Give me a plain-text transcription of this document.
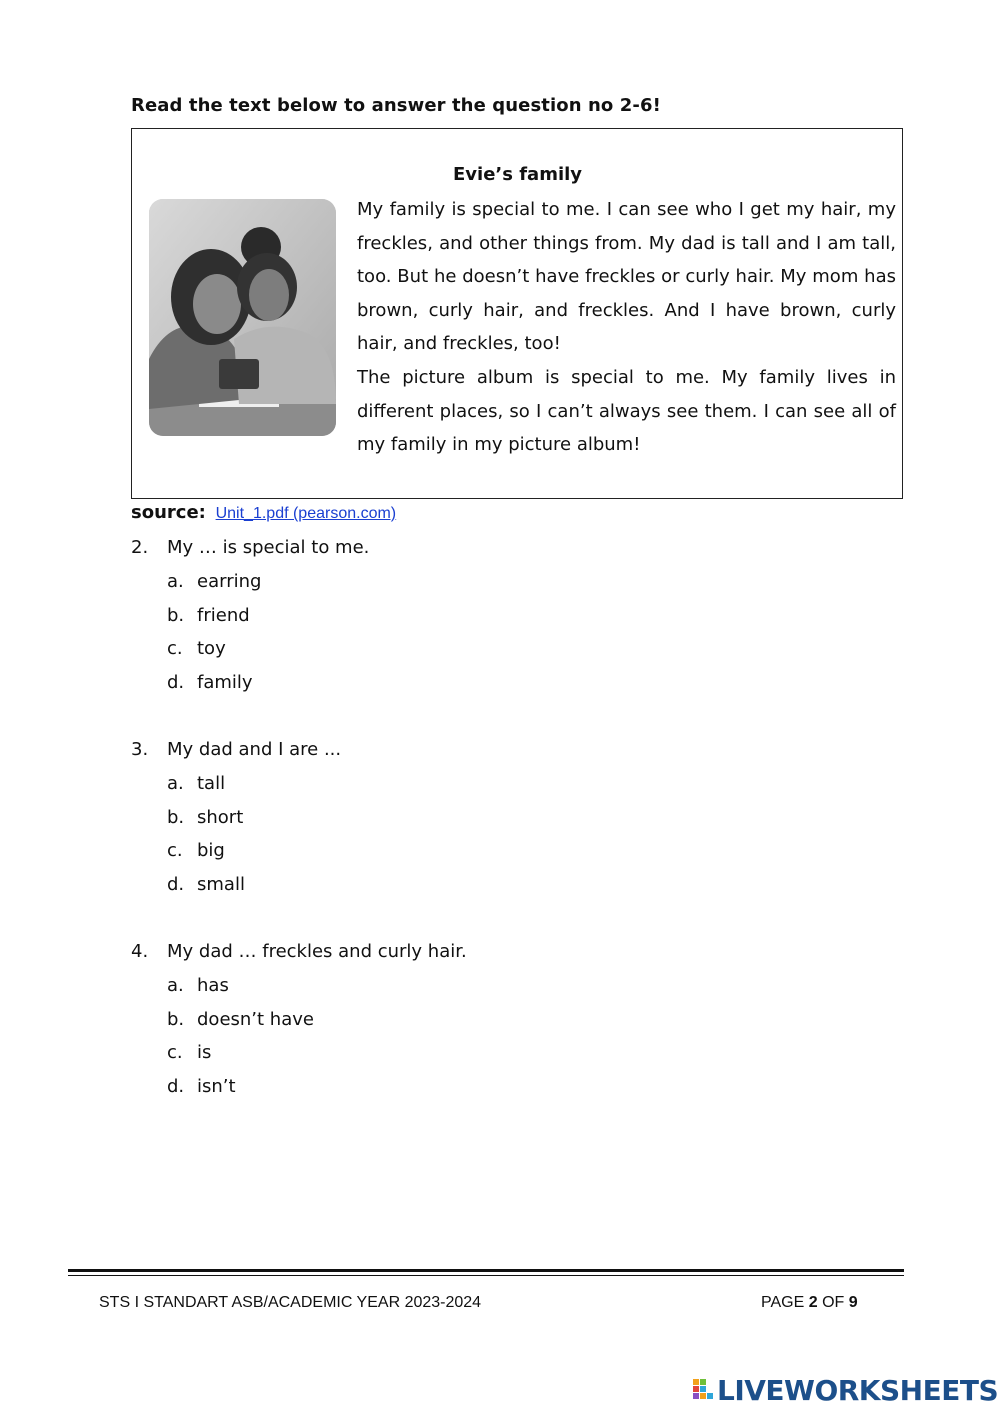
Read the text below to answer the question no 2-6!
Evie’s family

My family is special to me. I can see who I get my hair, my freckles, and other things from. My dad is tall and I am tall, too. But he doesn’t have freckles or curly hair. My mom has brown, curly hair, and freckles. And I have brown, curly hair, and freckles, too!

The picture album is special to me. My family lives in different places, so I can’t always see them. I can see all of my family in my picture album!

source: Unit_1.pdf (pearson.com)
2. My … is special to me.
a. earring
b. friend
c. toy
d. family
3. My dad and I are ...
a. tall
b. short
c. big
d. small
4. My dad … freckles and curly hair.
a. has
b. doesn’t have
c. is
d. isn’t
STS I STANDART ASB/ACADEMIC YEAR 2023-2024	PAGE 2 OF 9
LIVEWORKSHEETS
